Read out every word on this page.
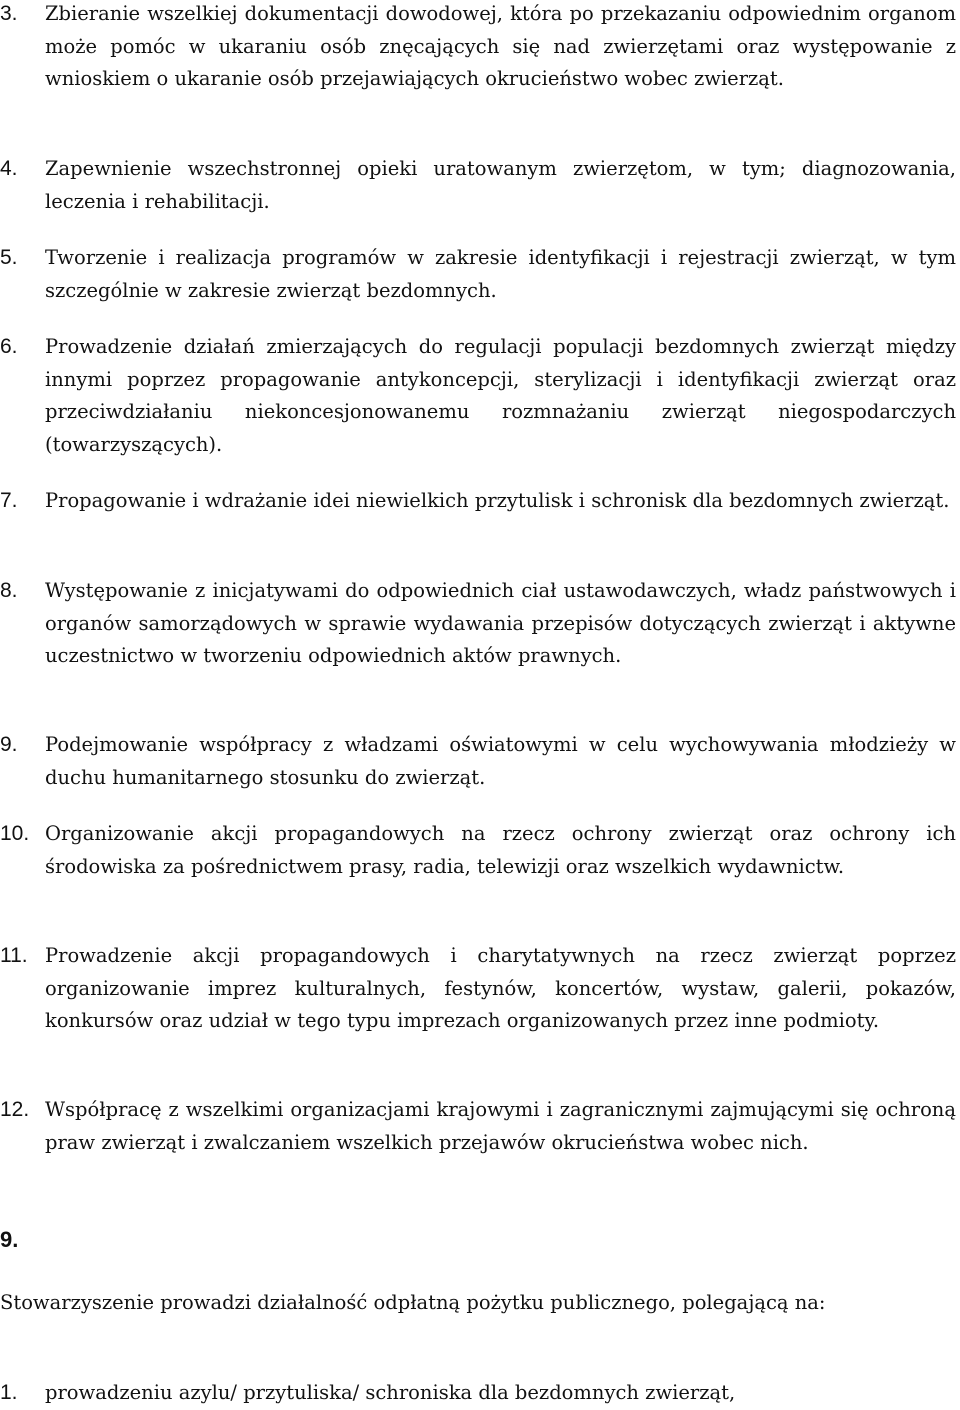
3. Zbieranie wszelkiej dokumentacji dowodowej, która po przekazaniu odpowiednim organom może pomóc w ukaraniu osób znęcających się nad zwierzętami oraz występowanie z wnioskiem o ukaranie osób przejawiających okrucieństwo wobec zwierząt.
4. Zapewnienie wszechstronnej opieki uratowanym zwierzętom, w tym; diagnozowania, leczenia i rehabilitacji.
5. Tworzenie i realizacja programów w zakresie identyfikacji i rejestracji zwierząt, w tym szczególnie w zakresie zwierząt bezdomnych.
6. Prowadzenie działań zmierzających do regulacji populacji bezdomnych zwierząt między innymi poprzez propagowanie antykoncepcji, sterylizacji i identyfikacji zwierząt oraz przeciwdziałaniu niekoncesjonowanemu rozmnażaniu zwierząt niegospodarczych (towarzyszących).
7. Propagowanie i wdrażanie idei niewielkich przytulisk i schronisk dla bezdomnych zwierząt.
8. Występowanie z inicjatywami do odpowiednich ciał ustawodawczych, władz państwowych i organów samorządowych w sprawie wydawania przepisów dotyczących zwierząt i aktywne uczestnictwo w tworzeniu odpowiednich aktów prawnych.
9. Podejmowanie współpracy z władzami oświatowymi w celu wychowywania młodzieży w duchu humanitarnego stosunku do zwierząt.
10. Organizowanie akcji propagandowych na rzecz ochrony zwierząt oraz ochrony ich środowiska za pośrednictwem prasy, radia, telewizji oraz wszelkich wydawnictw.
11. Prowadzenie akcji propagandowych i charytatywnych na rzecz zwierząt poprzez organizowanie imprez kulturalnych, festynów, koncertów, wystaw, galerii, pokazów, konkursów oraz udział w tego typu imprezach organizowanych przez inne podmioty.
12. Współpracę z wszelkimi organizacjami krajowymi i zagranicznymi zajmującymi się ochroną praw zwierząt i zwalczaniem wszelkich przejawów okrucieństwa wobec nich.
9.
Stowarzyszenie prowadzi działalność odpłatną pożytku publicznego, polegającą na:
1. prowadzeniu azylu/ przytuliska/ schroniska dla bezdomnych zwierząt,
